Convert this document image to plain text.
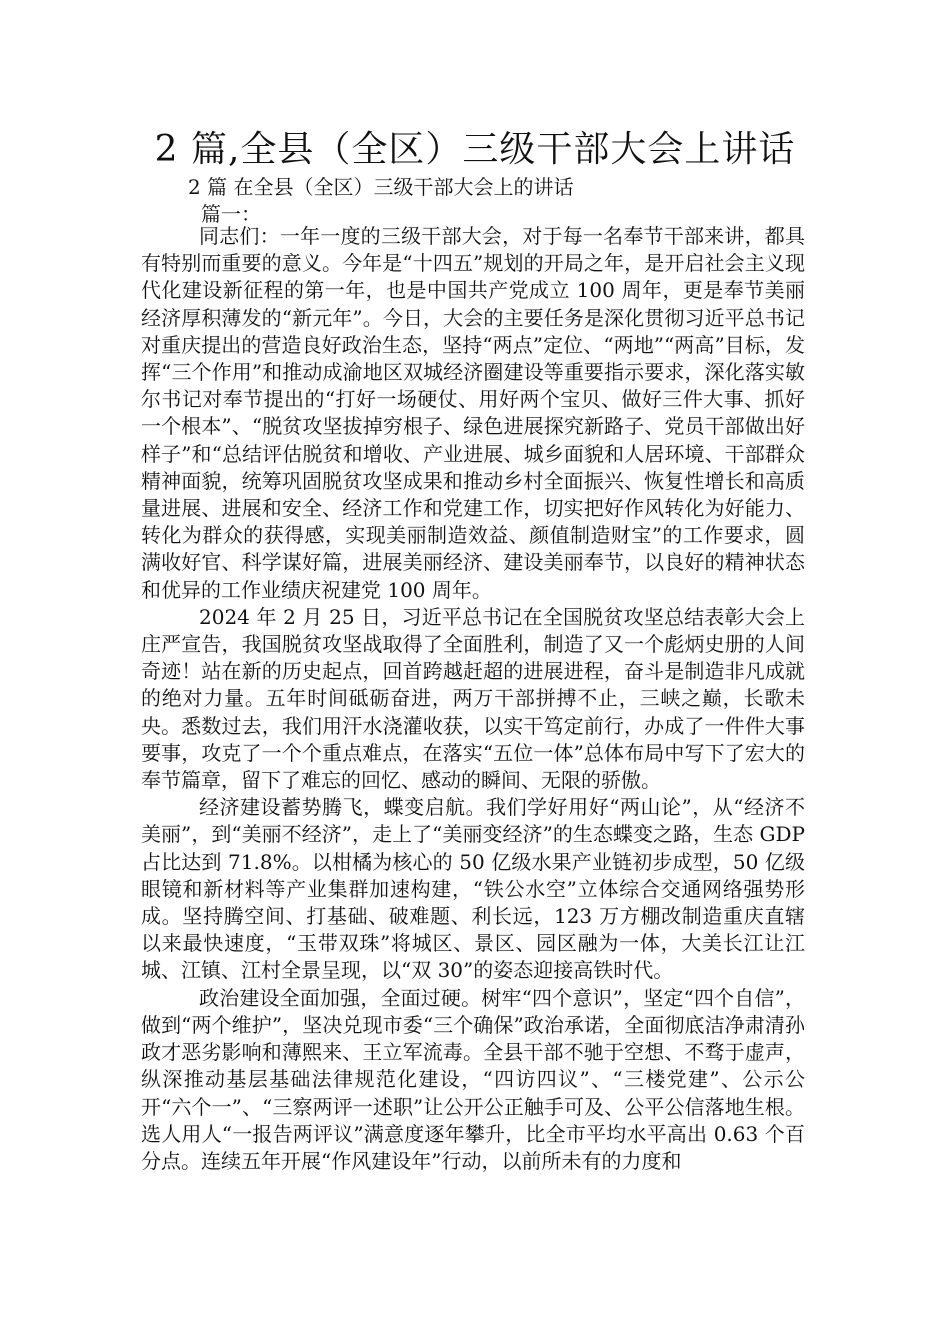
2 篇,全县（全区）三级干部大会上讲话
2 篇 在全县（全区）三级干部大会上的讲话
篇一：

同志们：一年一度的三级干部大会，对于每一名奉节干部来讲，都具有特别而重要的意义。今年是“十四五”规划的开局之年，是开启社会主义现代化建设新征程的第一年，也是中国共产党成立 100 周年，更是奉节美丽经济厚积薄发的“新元年”。今日，大会的主要任务是深化贯彻习近平总书记对重庆提出的营造良好政治生态，坚持“两点”定位、“两地”“两高”目标，发挥“三个作用”和推动成渝地区双城经济圈建设等重要指示要求，深化落实敏尔书记对奉节提出的“打好一场硬仗、用好两个宝贝、做好三件大事、抓好一个根本”、“脱贫攻坚拔掉穷根子、绿色进展探究新路子、党员干部做出好样子”和“总结评估脱贫和增收、产业进展、城乡面貌和人居环境、干部群众精神面貌，统筹巩固脱贫攻坚成果和推动乡村全面振兴、恢复性增长和高质量进展、进展和安全、经济工作和党建工作，切实把好作风转化为好能力、转化为群众的获得感，实现美丽制造效益、颜值制造财宝”的工作要求，圆满收好官、科学谋好篇，进展美丽经济、建设美丽奉节，以良好的精神状态和优异的工作业绩庆祝建党 100 周年。

2024 年 2 月 25 日，习近平总书记在全国脱贫攻坚总结表彰大会上庄严宣告，我国脱贫攻坚战取得了全面胜利，制造了又一个彪炳史册的人间奇迹！站在新的历史起点，回首跨越赶超的进展进程，奋斗是制造非凡成就的绝对力量。五年时间砥砺奋进，两万干部拼搏不止，三峡之巅，长歌未央。悉数过去，我们用汗水浇灌收获，以实干笃定前行，办成了一件件大事要事，攻克了一个个重点难点，在落实“五位一体”总体布局中写下了宏大的奉节篇章，留下了难忘的回忆、感动的瞬间、无限的骄傲。

经济建设蓄势腾飞，蝶变启航。我们学好用好“两山论”，从“经济不美丽”，到“美丽不经济”，走上了“美丽变经济”的生态蝶变之路，生态 GDP 占比达到 71.8%。以柑橘为核心的 50 亿级水果产业链初步成型，50 亿级眼镜和新材料等产业集群加速构建，“铁公水空”立体综合交通网络强势形成。坚持腾空间、打基础、破难题、利长远，123 万方棚改制造重庆直辖以来最快速度，“玉带双珠”将城区、景区、园区融为一体，大美长江让江城、江镇、江村全景呈现，以“双 30”的姿态迎接高铁时代。

政治建设全面加强，全面过硬。树牢“四个意识”，坚定“四个自信”，做到“两个维护”，坚决兑现市委“三个确保”政治承诺，全面彻底洁净肃清孙政才恶劣影响和薄熙来、王立军流毒。全县干部不驰于空想、不骛于虚声，纵深推动基层基础法律规范化建设，“四访四议”、“三楼党建”、公示公开“六个一”、“三察两评一述职”让公开公正触手可及、公平公信落地生根。选人用人“一报告两评议”满意度逐年攀升，比全市平均水平高出 0.63 个百分点。连续五年开展“作风建设年”行动，以前所未有的力度和
